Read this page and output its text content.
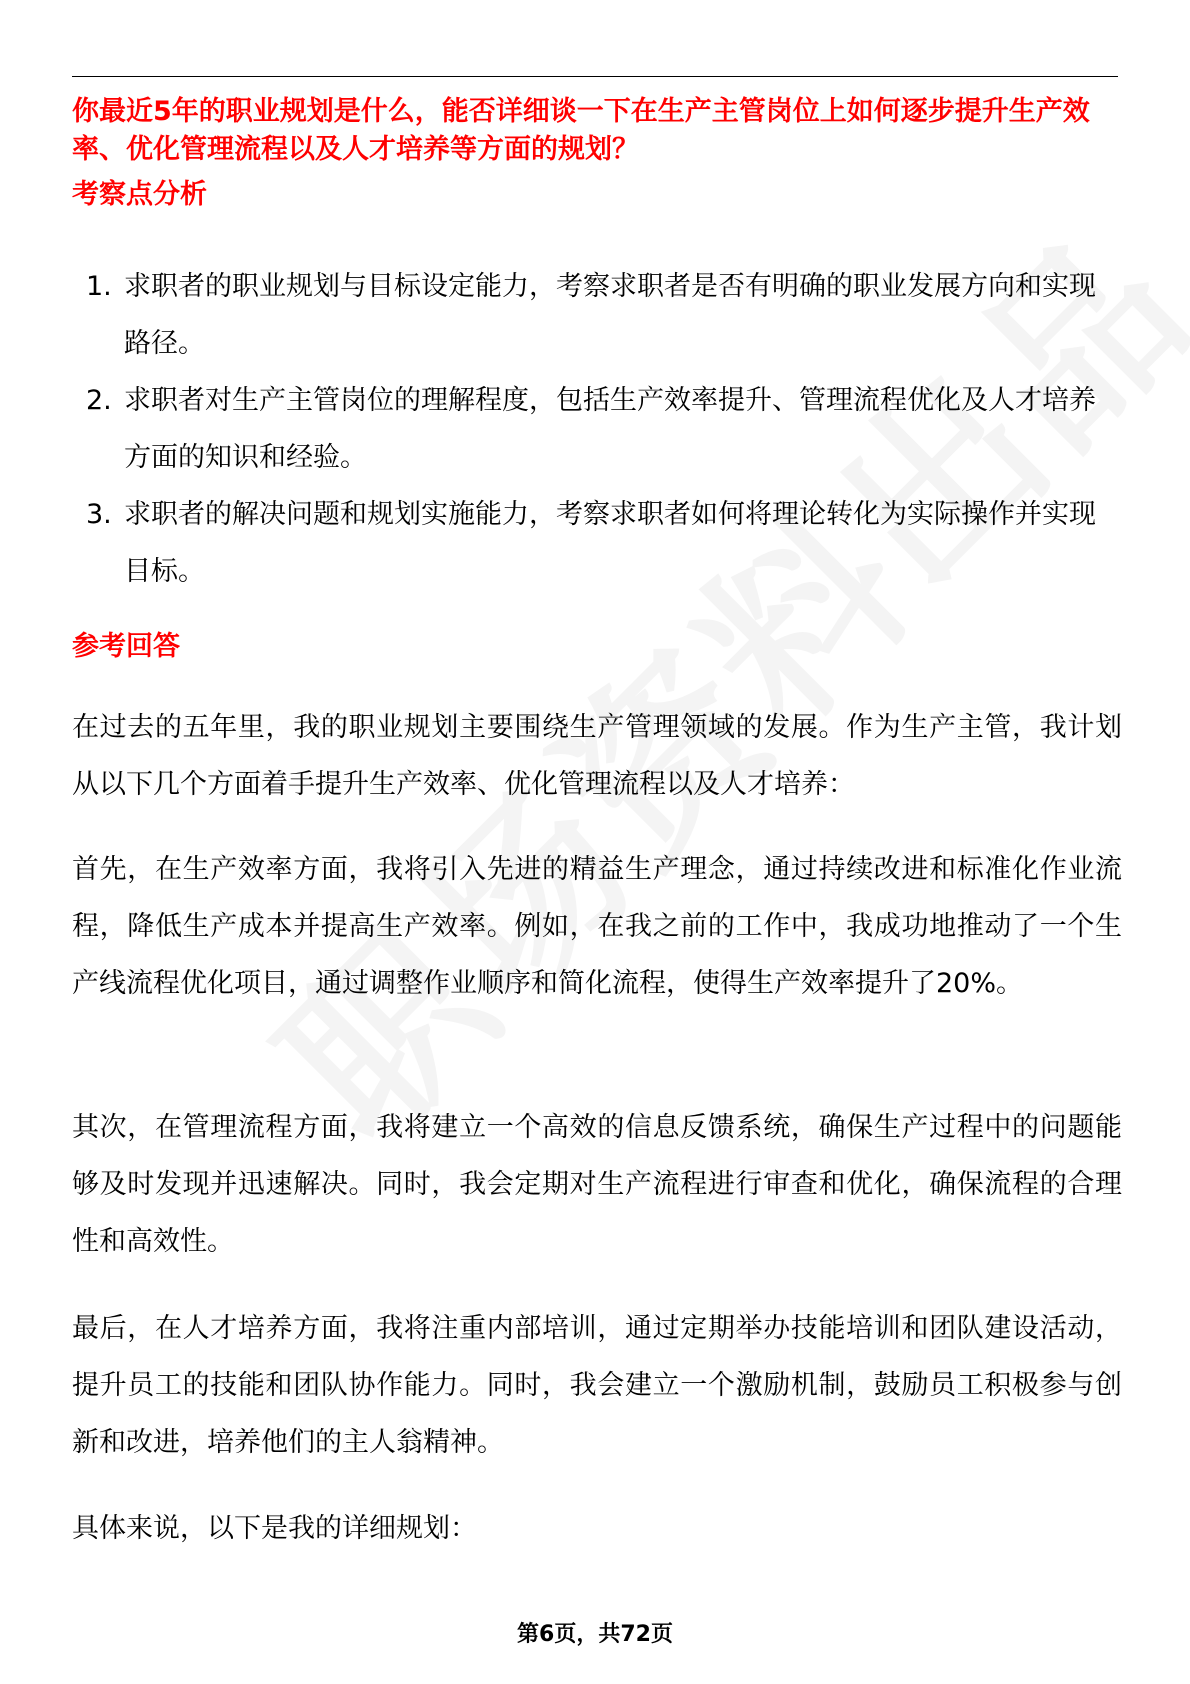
你最近5年的职业规划是什么，能否详细谈一下在生产主管岗位上如何逐步提升生产效率、优化管理流程以及人才培养等方面的规划？

考察点分析

1. 求职者的职业规划与目标设定能力，考察求职者是否有明确的职业发展方向和实现路径。
2. 求职者对生产主管岗位的理解程度，包括生产效率提升、管理流程优化及人才培养方面的知识和经验。
3. 求职者的解决问题和规划实施能力，考察求职者如何将理论转化为实际操作并实现目标。

参考回答

在过去的五年里，我的职业规划主要围绕生产管理领域的发展。作为生产主管，我计划从以下几个方面着手提升生产效率、优化管理流程以及人才培养：

首先，在生产效率方面，我将引入先进的精益生产理念，通过持续改进和标准化作业流程，降低生产成本并提高生产效率。例如，在我之前的工作中，我成功地推动了一个生产线流程优化项目，通过调整作业顺序和简化流程，使得生产效率提升了20%。

其次，在管理流程方面，我将建立一个高效的信息反馈系统，确保生产过程中的问题能够及时发现并迅速解决。同时，我会定期对生产流程进行审查和优化，确保流程的合理性和高效性。

最后，在人才培养方面，我将注重内部培训，通过定期举办技能培训和团队建设活动，提升员工的技能和团队协作能力。同时，我会建立一个激励机制，鼓励员工积极参与创新和改进，培养他们的主人翁精神。

具体来说，以下是我的详细规划：

第6页，共72页
